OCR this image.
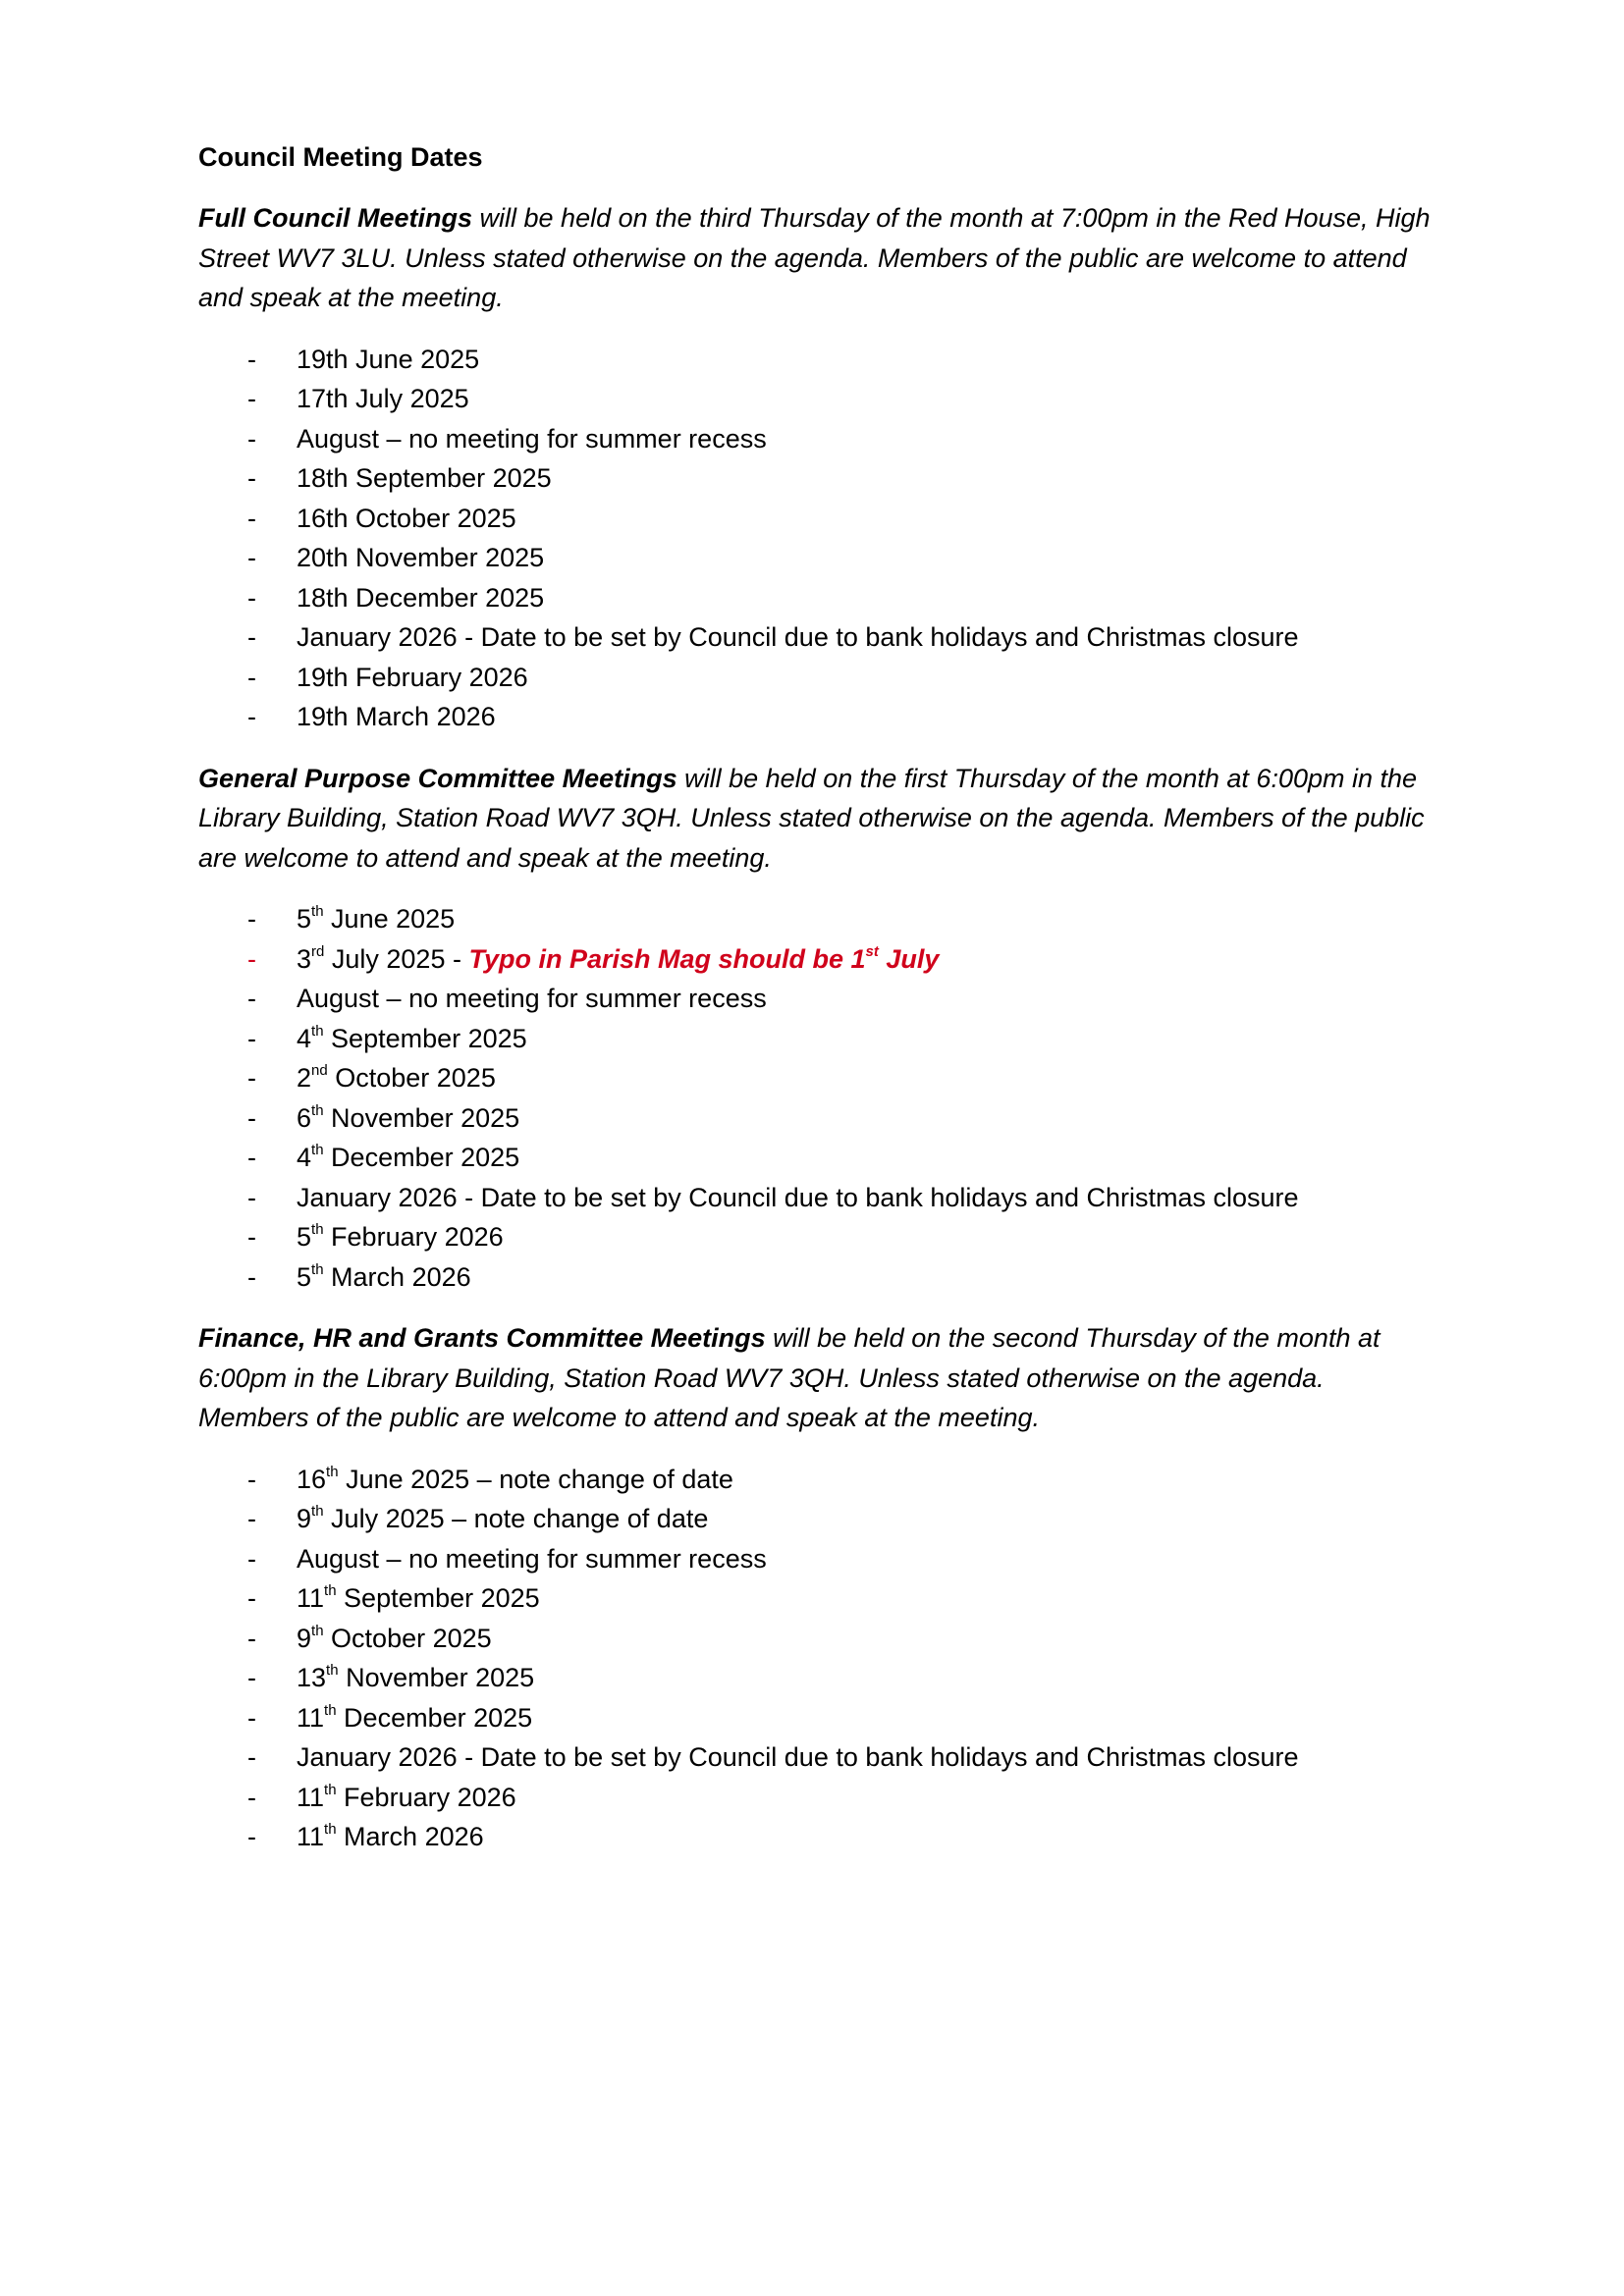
Council Meeting Dates

Full Council Meetings will be held on the third Thursday of the month at 7:00pm in the Red House, High Street WV7 3LU. Unless stated otherwise on the agenda. Members of the public are welcome to attend and speak at the meeting.

- 19th June 2025
- 17th July 2025
- August – no meeting for summer recess
- 18th September 2025
- 16th October 2025
- 20th November 2025
- 18th December 2025
- January 2026 - Date to be set by Council due to bank holidays and Christmas closure
- 19th February 2026
- 19th March 2026

General Purpose Committee Meetings will be held on the first Thursday of the month at 6:00pm in the Library Building, Station Road WV7 3QH. Unless stated otherwise on the agenda. Members of the public are welcome to attend and speak at the meeting.

- 5th June 2025
- 3rd July 2025 - Typo in Parish Mag should be 1st July
- August – no meeting for summer recess
- 4th September 2025
- 2nd October 2025
- 6th November 2025
- 4th December 2025
- January 2026 - Date to be set by Council due to bank holidays and Christmas closure
- 5th February 2026
- 5th March 2026

Finance, HR and Grants Committee Meetings will be held on the second Thursday of the month at 6:00pm in the Library Building, Station Road WV7 3QH. Unless stated otherwise on the agenda. Members of the public are welcome to attend and speak at the meeting.

- 16th June 2025 – note change of date
- 9th July 2025 – note change of date
- August – no meeting for summer recess
- 11th September 2025
- 9th October 2025
- 13th November 2025
- 11th December 2025
- January 2026 - Date to be set by Council due to bank holidays and Christmas closure
- 11th February 2026
- 11th March 2026
